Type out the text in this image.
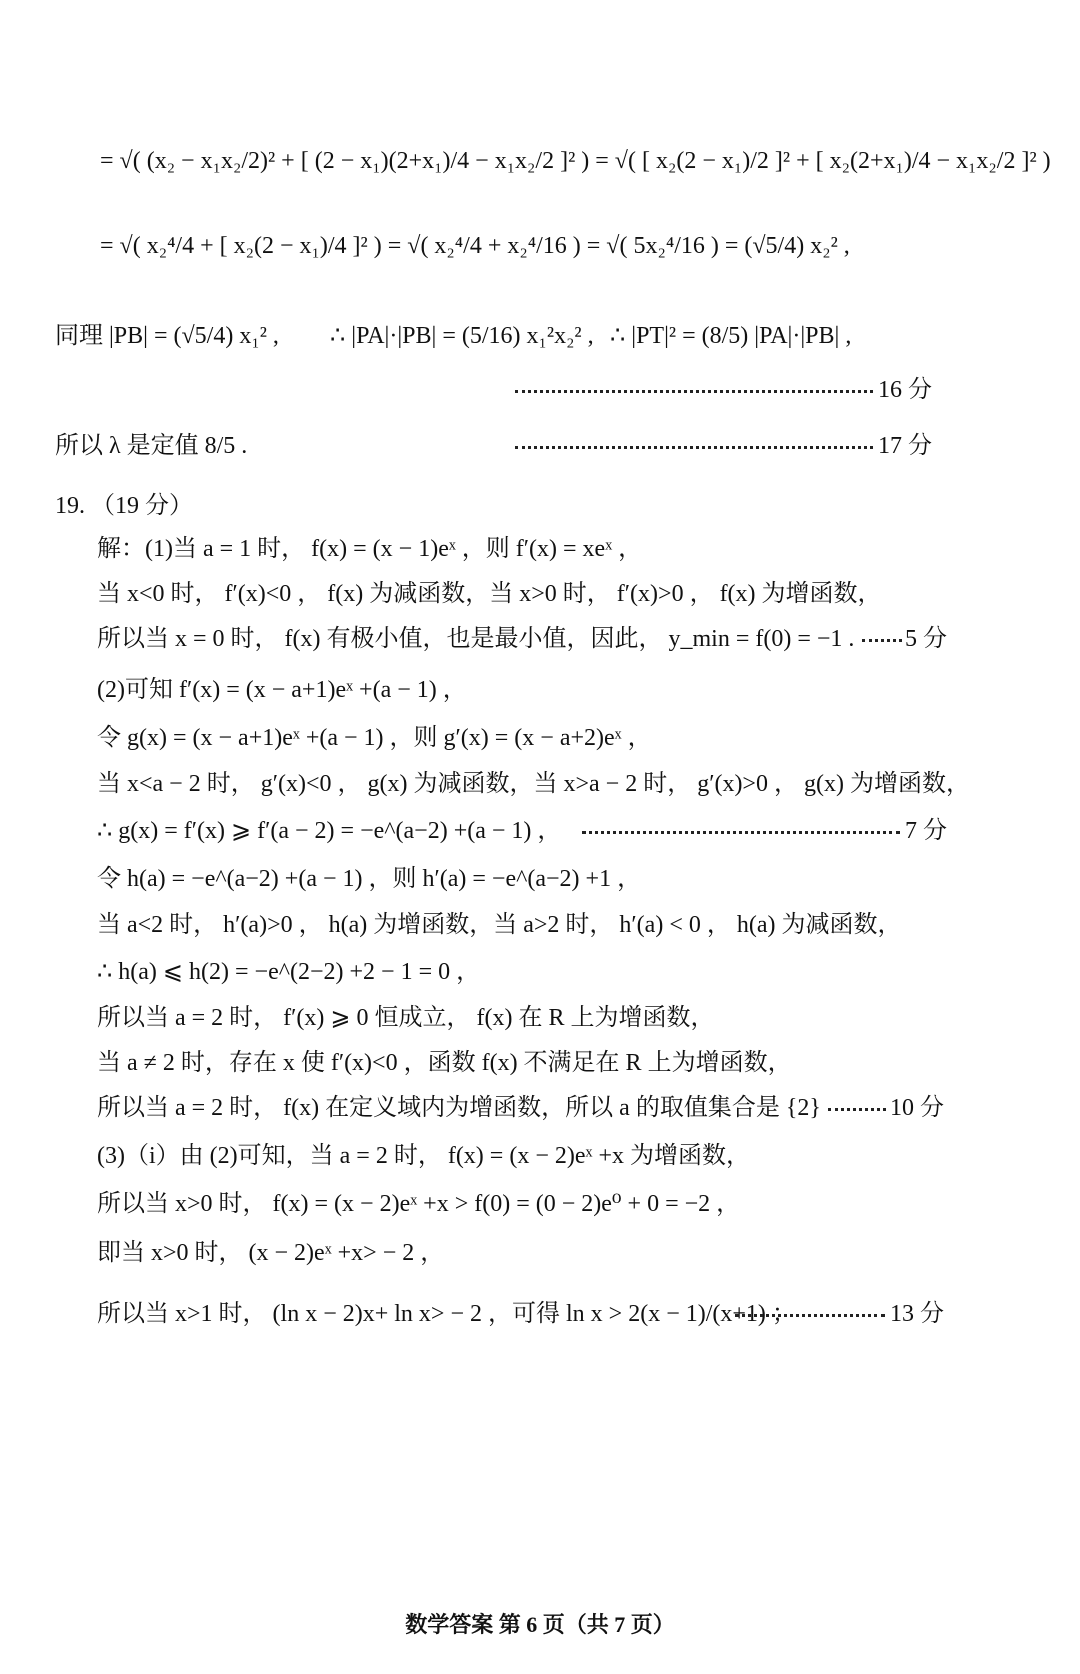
= √( (x₂ − x₁x₂/2)² + [ (2 − x₁)(2+x₁)/4 − x₁x₂/2 ]² ) = √( [ x₂(2 − x₁)/2 ]² + [ x₂(2+x₁)/4 − x₁x₂/2 ]² )
= √( x₂⁴/4 + [ x₂(2 − x₁)/4 ]² ) = √( x₂⁴/4 + x₂⁴/16 ) = √( 5x₂⁴/16 ) = (√5/4) x₂² ,
同理 |PB| = (√5/4) x₁² , ∴ |PA|·|PB| = (5/16) x₁²x₂² , ∴ |PT|² = (8/5) |PA|·|PB| ,
16 分
所以 λ 是定值 8/5 .	17 分
19. （19 分）
解：(1)当 a = 1 时， f(x) = (x − 1)eˣ ，则 f′(x) = xeˣ ，
当 x<0 时， f′(x)<0 ， f(x) 为减函数，当 x>0 时， f′(x)>0 ， f(x) 为增函数，
所以当 x = 0 时， f(x) 有极小值，也是最小值，因此， y_min = f(0) = −1 . 5 分
(2)可知 f′(x) = (x − a+1)eˣ +(a − 1) ，
令 g(x) = (x − a+1)eˣ +(a − 1) ，则 g′(x) = (x − a+2)eˣ ，
当 x<a − 2 时， g′(x)<0 ， g(x) 为减函数，当 x>a − 2 时， g′(x)>0 ， g(x) 为增函数，
∴ g(x) = f′(x) ⩾ f′(a − 2) = −e^(a−2) +(a − 1) ，	7 分
令 h(a) = −e^(a−2) +(a − 1) ，则 h′(a) = −e^(a−2) +1 ，
当 a<2 时， h′(a)>0 ， h(a) 为增函数，当 a>2 时， h′(a) < 0 ， h(a) 为减函数，
∴ h(a) ⩽ h(2) = −e^(2−2) +2 − 1 = 0 ，
所以当 a = 2 时， f′(x) ⩾ 0 恒成立， f(x) 在 R 上为增函数，
当 a ≠ 2 时，存在 x 使 f′(x)<0 ，函数 f(x) 不满足在 R 上为增函数，
所以当 a = 2 时， f(x) 在定义域内为增函数，所以 a 的取值集合是 {2}	10 分
(3)（i）由 (2)可知，当 a = 2 时， f(x) = (x − 2)eˣ +x 为增函数，
所以当 x>0 时， f(x) = (x − 2)eˣ +x > f(0) = (0 − 2)e⁰ + 0 = −2 ，
即当 x>0 时， (x − 2)eˣ +x> − 2 ，
所以当 x>1 时， (ln x − 2)x+ ln x> − 2 ，可得 ln x > 2(x − 1)/(x+1) ；	13 分
数学答案 第 6 页（共 7 页）
